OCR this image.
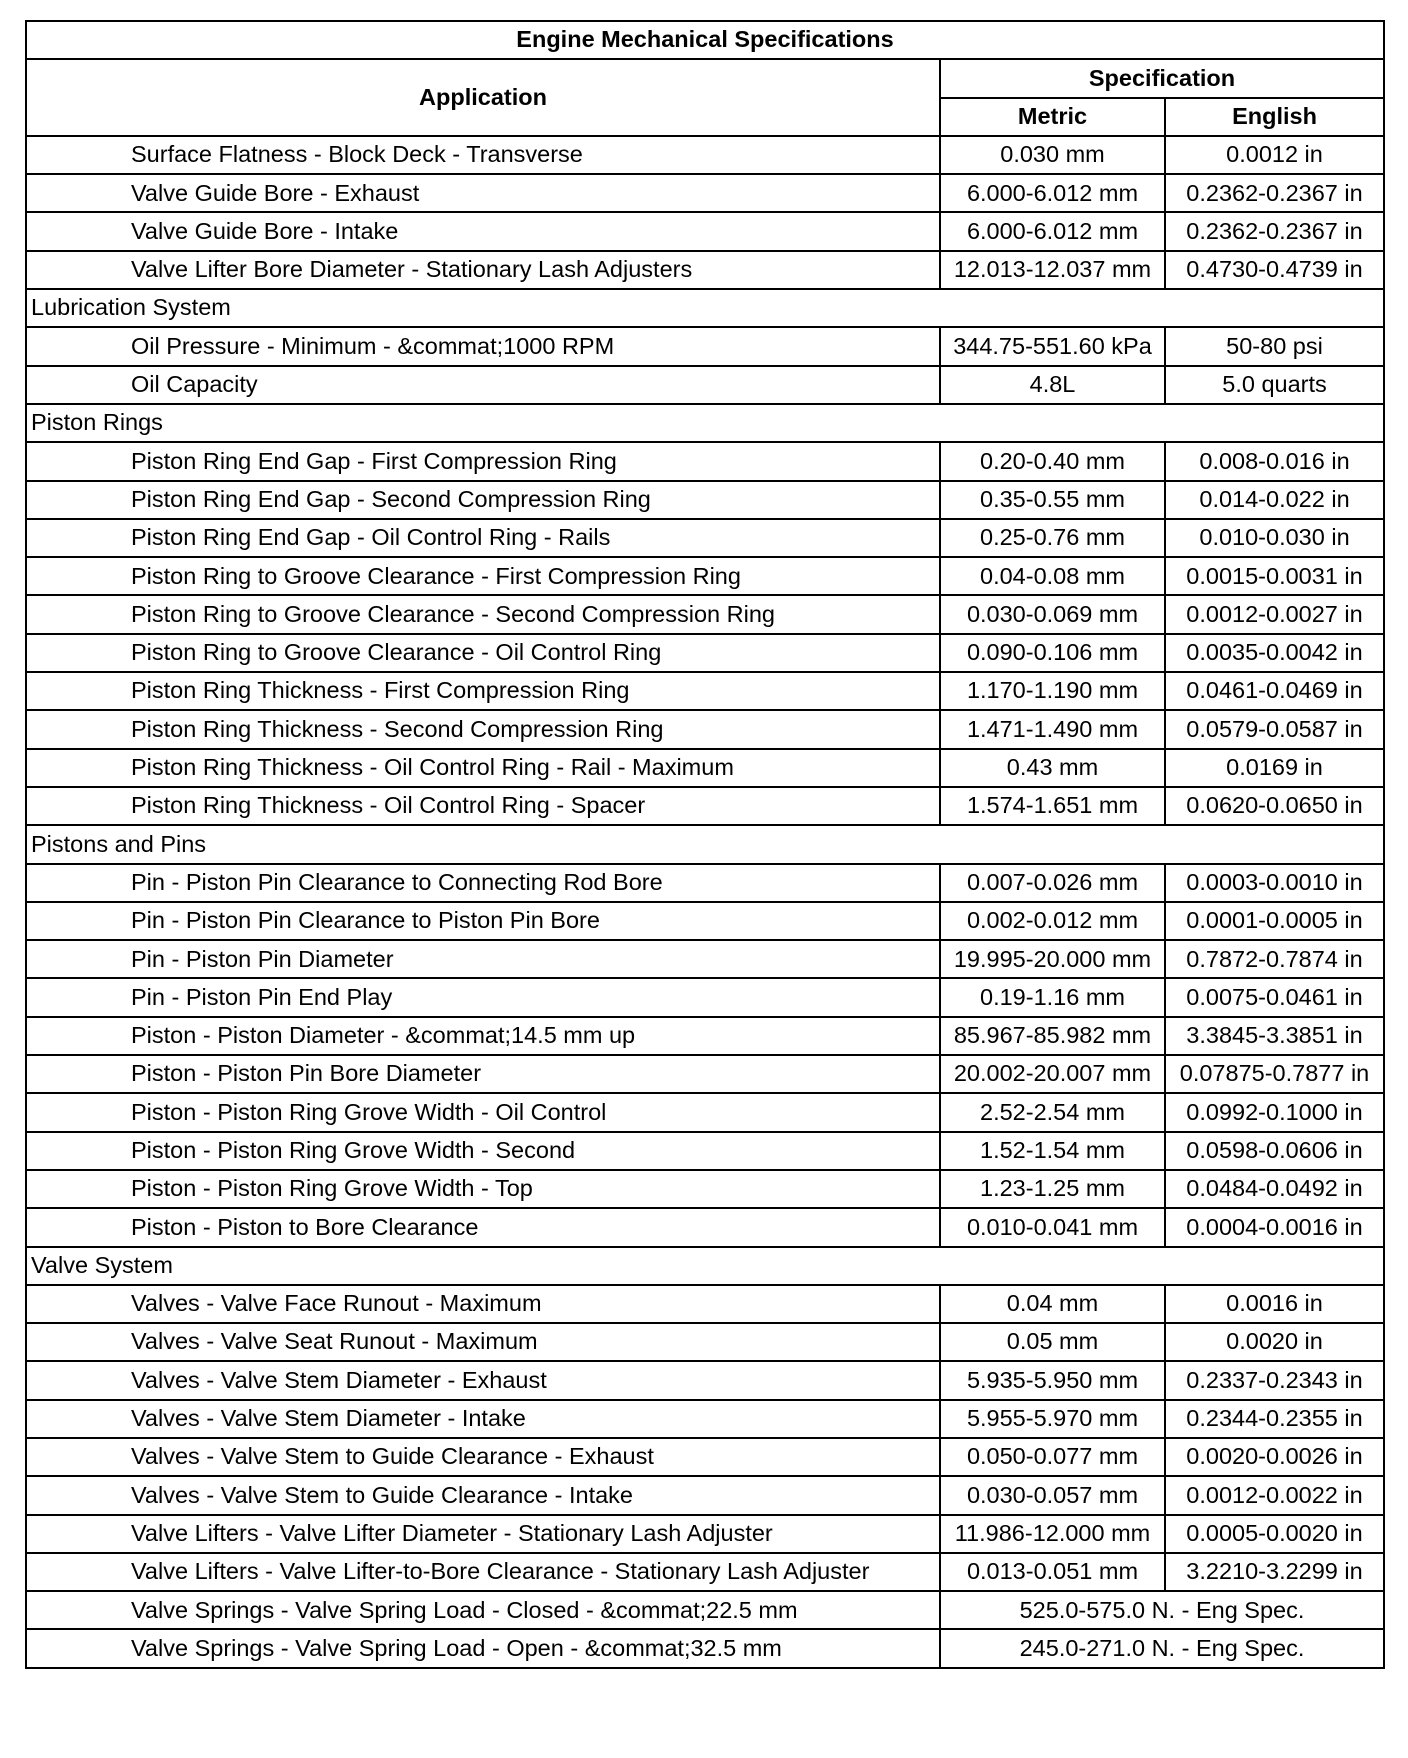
Engine Mechanical Specifications		
Application	Specification	
	Metric	English
Surface Flatness - Block Deck - Transverse	0.030 mm	0.0012 in
Valve Guide Bore - Exhaust	6.000-6.012 mm	0.2362-0.2367 in
Valve Guide Bore - Intake	6.000-6.012 mm	0.2362-0.2367 in
Valve Lifter Bore Diameter - Stationary Lash Adjusters	12.013-12.037 mm	0.4730-0.4739 in
Lubrication System		
Oil Pressure - Minimum - &commat;1000 RPM	344.75-551.60 kPa	50-80 psi
Oil Capacity	4.8L	5.0 quarts
Piston Rings		
Piston Ring End Gap - First Compression Ring	0.20-0.40 mm	0.008-0.016 in
Piston Ring End Gap - Second Compression Ring	0.35-0.55 mm	0.014-0.022 in
Piston Ring End Gap - Oil Control Ring - Rails	0.25-0.76 mm	0.010-0.030 in
Piston Ring to Groove Clearance - First Compression Ring	0.04-0.08 mm	0.0015-0.0031 in
Piston Ring to Groove Clearance - Second Compression Ring	0.030-0.069 mm	0.0012-0.0027 in
Piston Ring to Groove Clearance - Oil Control Ring	0.090-0.106 mm	0.0035-0.0042 in
Piston Ring Thickness - First Compression Ring	1.170-1.190 mm	0.0461-0.0469 in
Piston Ring Thickness - Second Compression Ring	1.471-1.490 mm	0.0579-0.0587 in
Piston Ring Thickness - Oil Control Ring - Rail - Maximum	0.43 mm	0.0169 in
Piston Ring Thickness - Oil Control Ring - Spacer	1.574-1.651 mm	0.0620-0.0650 in
Pistons and Pins		
Pin - Piston Pin Clearance to Connecting Rod Bore	0.007-0.026 mm	0.0003-0.0010 in
Pin - Piston Pin Clearance to Piston Pin Bore	0.002-0.012 mm	0.0001-0.0005 in
Pin - Piston Pin Diameter	19.995-20.000 mm	0.7872-0.7874 in
Pin - Piston Pin End Play	0.19-1.16 mm	0.0075-0.0461 in
Piston - Piston Diameter - &commat;14.5 mm up	85.967-85.982 mm	3.3845-3.3851 in
Piston - Piston Pin Bore Diameter	20.002-20.007 mm	0.07875-0.7877 in
Piston - Piston Ring Grove Width - Oil Control	2.52-2.54 mm	0.0992-0.1000 in
Piston - Piston Ring Grove Width - Second	1.52-1.54 mm	0.0598-0.0606 in
Piston - Piston Ring Grove Width - Top	1.23-1.25 mm	0.0484-0.0492 in
Piston - Piston to Bore Clearance	0.010-0.041 mm	0.0004-0.0016 in
Valve System		
Valves - Valve Face Runout - Maximum	0.04 mm	0.0016 in
Valves - Valve Seat Runout - Maximum	0.05 mm	0.0020 in
Valves - Valve Stem Diameter - Exhaust	5.935-5.950 mm	0.2337-0.2343 in
Valves - Valve Stem Diameter - Intake	5.955-5.970 mm	0.2344-0.2355 in
Valves - Valve Stem to Guide Clearance - Exhaust	0.050-0.077 mm	0.0020-0.0026 in
Valves - Valve Stem to Guide Clearance - Intake	0.030-0.057 mm	0.0012-0.0022 in
Valve Lifters - Valve Lifter Diameter - Stationary Lash Adjuster	11.986-12.000 mm	0.0005-0.0020 in
Valve Lifters - Valve Lifter-to-Bore Clearance - Stationary Lash Adjuster	0.013-0.051 mm	3.2210-3.2299 in
Valve Springs - Valve Spring Load - Closed - &commat;22.5 mm	525.0-575.0 N. - Eng Spec.	
Valve Springs - Valve Spring Load - Open - &commat;32.5 mm	245.0-271.0 N. - Eng Spec.	
